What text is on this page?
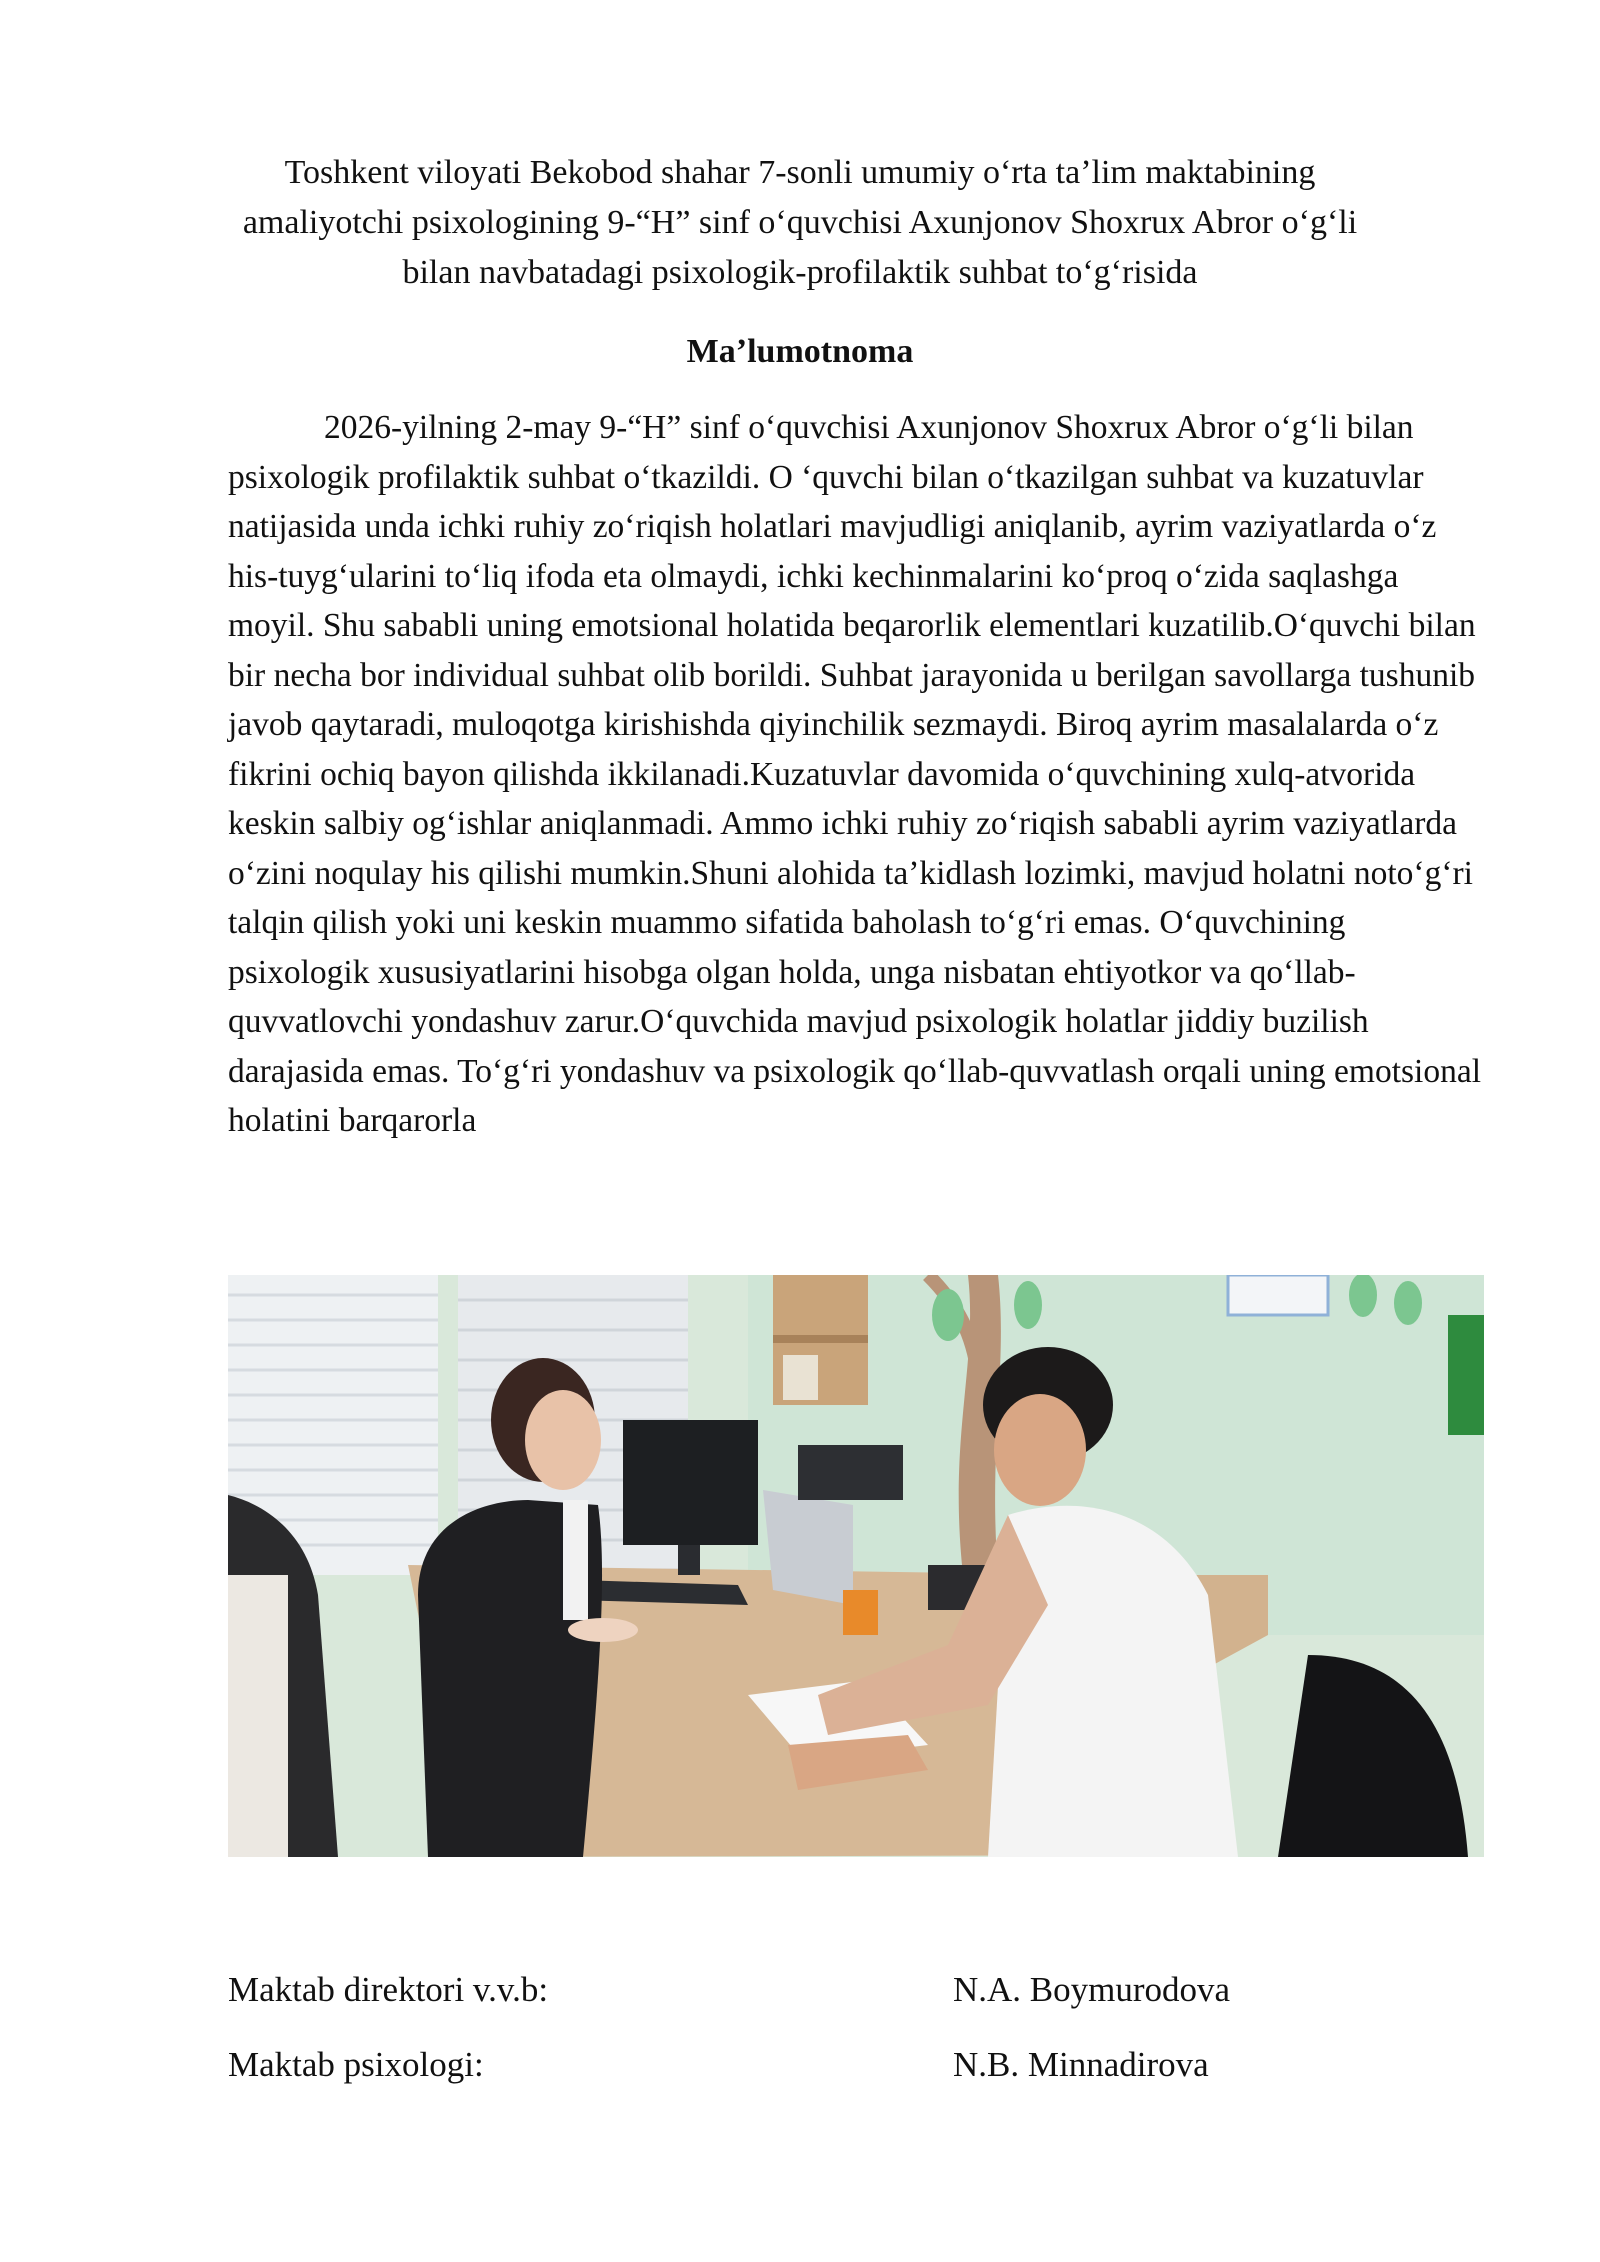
Toshkent viloyati Bekobod shahar 7-sonli umumiy oʻrta taʼlim maktabining
amaliyotchi psixologining 9-“H” sinf oʻquvchisi Axunjonov Shoxrux Abror oʻgʻli
bilan navbatadagi psixologik-profilaktik suhbat toʻgʻrisida
Maʼlumotnoma
2026-yilning 2-may 9-“H” sinf oʻquvchisi Axunjonov Shoxrux Abror oʻgʻli bilan psixologik profilaktik suhbat oʻtkazildi. O ʻquvchi bilan oʻtkazilgan suhbat va kuzatuvlar natijasida unda ichki ruhiy zoʻriqish holatlari mavjudligi aniqlanib, ayrim vaziyatlarda oʻz his-tuygʻularini toʻliq ifoda eta olmaydi, ichki kechinmalarini koʻproq oʻzida saqlashga moyil. Shu sababli uning emotsional holatida beqarorlik elementlari kuzatilib.Oʻquvchi bilan bir necha bor individual suhbat olib borildi. Suhbat jarayonida u berilgan savollarga tushunib javob qaytaradi, muloqotga kirishishda qiyinchilik sezmaydi. Biroq ayrim masalalarda oʻz fikrini ochiq bayon qilishda ikkilanadi.Kuzatuvlar davomida oʻquvchining xulq-atvorida keskin salbiy ogʻishlar aniqlanmadi. Ammo ichki ruhiy zoʻriqish sababli ayrim vaziyatlarda oʻzini noqulay his qilishi mumkin.Shuni alohida taʼkidlash lozimki, mavjud holatni notoʻgʻri talqin qilish yoki uni keskin muammo sifatida baholash toʻgʻri emas. Oʻquvchining psixologik xususiyatlarini hisobga olgan holda, unga nisbatan ehtiyotkor va qoʻllab-quvvatlovchi yondashuv zarur.Oʻquvchida mavjud psixologik holatlar jiddiy buzilish darajasida emas. Toʻgʻri yondashuv va psixologik qoʻllab-quvvatlash orqali uning emotsional holatini barqarorla
Maktab direktori v.v.b:	N.A. Boymurodova
Maktab psixologi:	N.B. Minnadirova
